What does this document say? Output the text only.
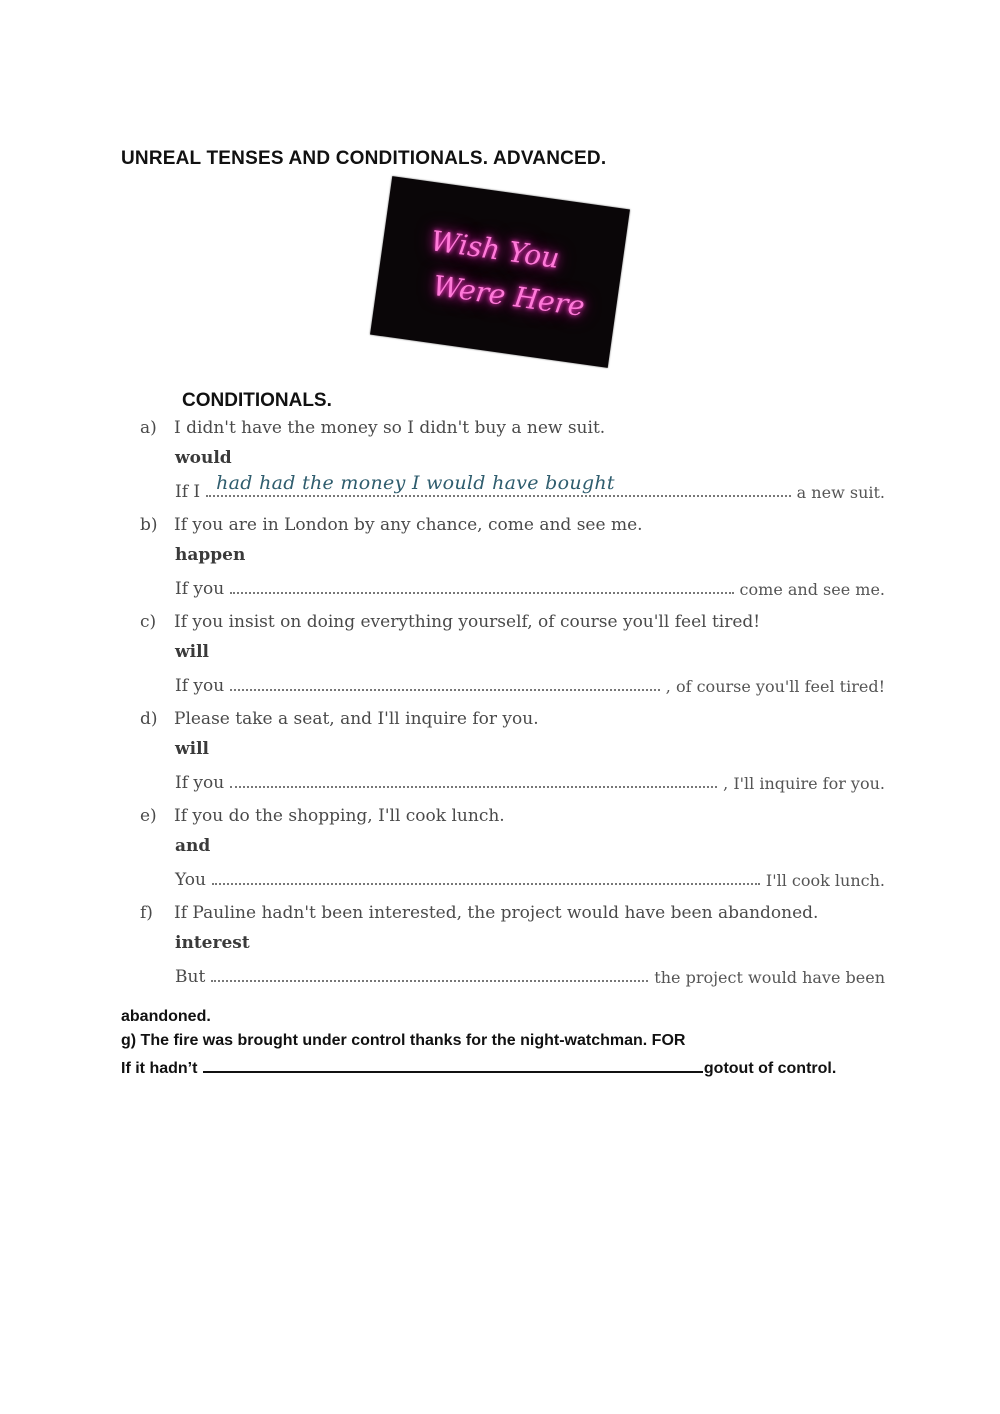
UNREAL TENSES AND CONDITIONALS. ADVANCED.
Wish You
Were Here
CONDITIONALS.
a) I didn't have the money so I didn't buy a new suit.
would
If I had had the money I would have bought	a new suit.
b) If you are in London by any chance, come and see me.
happen
If you	come and see me.
c) If you insist on doing everything yourself, of course you'll feel tired!
will
If you	, of course you'll feel tired!
d) Please take a seat, and I'll inquire for you.
will
If you	, I'll inquire for you.
e) If you do the shopping, I'll cook lunch.
and
You	I'll cook lunch.
f) If Pauline hadn't been interested, the project would have been abandoned.
interest
But	the project would have been
abandoned.
g) The fire was brought under control thanks for the night-watchman. FOR
If it hadn’t	gotout of control.
